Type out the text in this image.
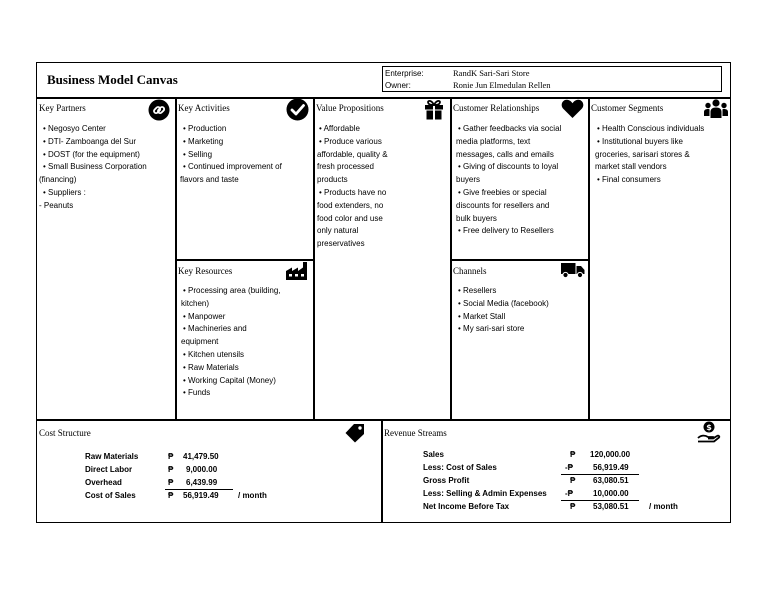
Business Model Canvas	Enterprise:	RandK Sari-Sari Store
Owner:	Ronie Jun Elmedulan Rellen
Key Partners
• Negosyo Center
• DTI- Zamboanga del Sur
• DOST (for the equipment)
• Small Business Corporation
(financing)
• Suppliers :
- Peanuts
Key Activities
• Production
• Marketing
• Selling
• Continued improvement of
flavors and taste
Value Propositions
• Affordable
• Produce various
affordable, quality &
fresh processed
products
• Products have no
food extenders, no
food color and use
only natural
preservatives
Customer Relationships
• Gather feedbacks via social
media platforms, text
messages, calls and emails
• Giving of discounts to loyal
buyers
• Give freebies or special
discounts for resellers and
bulk buyers
• Free delivery to Resellers
Customer Segments
• Health Conscious individuals
• Institutional buyers like
groceries, sarisari stores &
market stall vendors
• Final consumers
Key Resources
• Processing area (building,
kitchen)
• Manpower
• Machineries and
equipment
• Kitchen utensils
• Raw Materials
• Working Capital (Money)
• Funds
Channels
• Resellers
• Social Media (facebook)
• Market Stall
• My sari-sari store
Cost Structure
Raw Materials	₱ 41,479.50
Direct Labor	₱ 9,000.00
Overhead	₱ 6,439.99
Cost of Sales	₱ 56,919.49 / month
Revenue Streams
$
Sales	₱ 120,000.00
Less: Cost of Sales	-₱	56,919.49
Gross Profit	₱ 63,080.51
Less: Selling & Admin Expenses -₱	10,000.00
Net Income Before Tax	₱ 53,080.51	/ month
